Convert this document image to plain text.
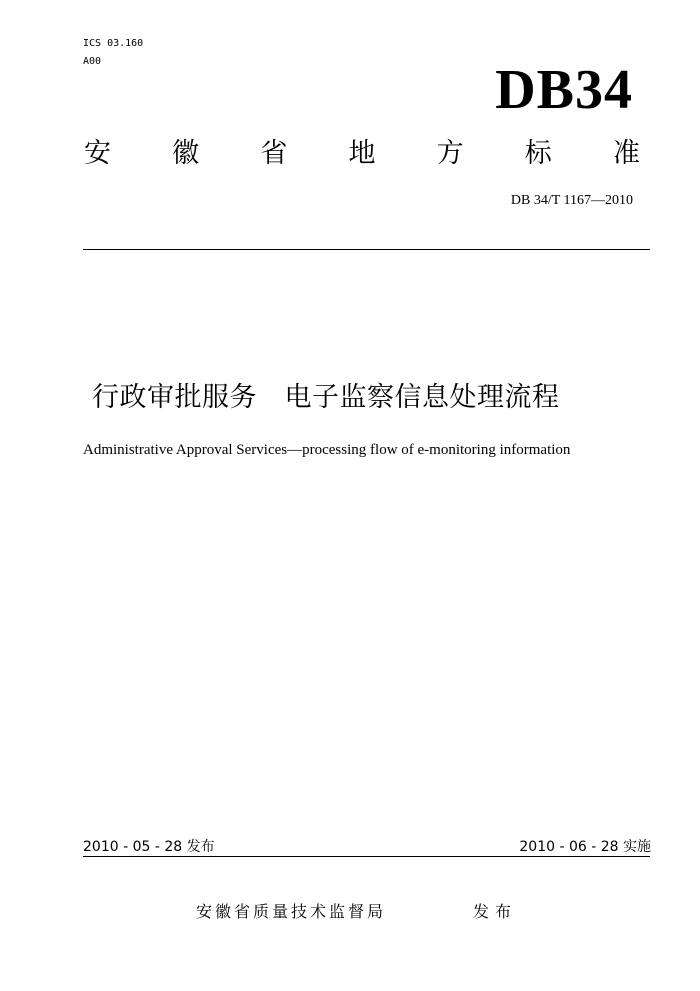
ICS 03.160
A00	DB34
安 徽 省 地 方 标 准
DB 34/T 1167—2010
行政审批服务　电子监察信息处理流程
Administrative Approval Services—processing flow of e-monitoring information
2010 - 05 - 28 发布	2010 - 06 - 28 实施
安徽省质量技术监督局	发布
